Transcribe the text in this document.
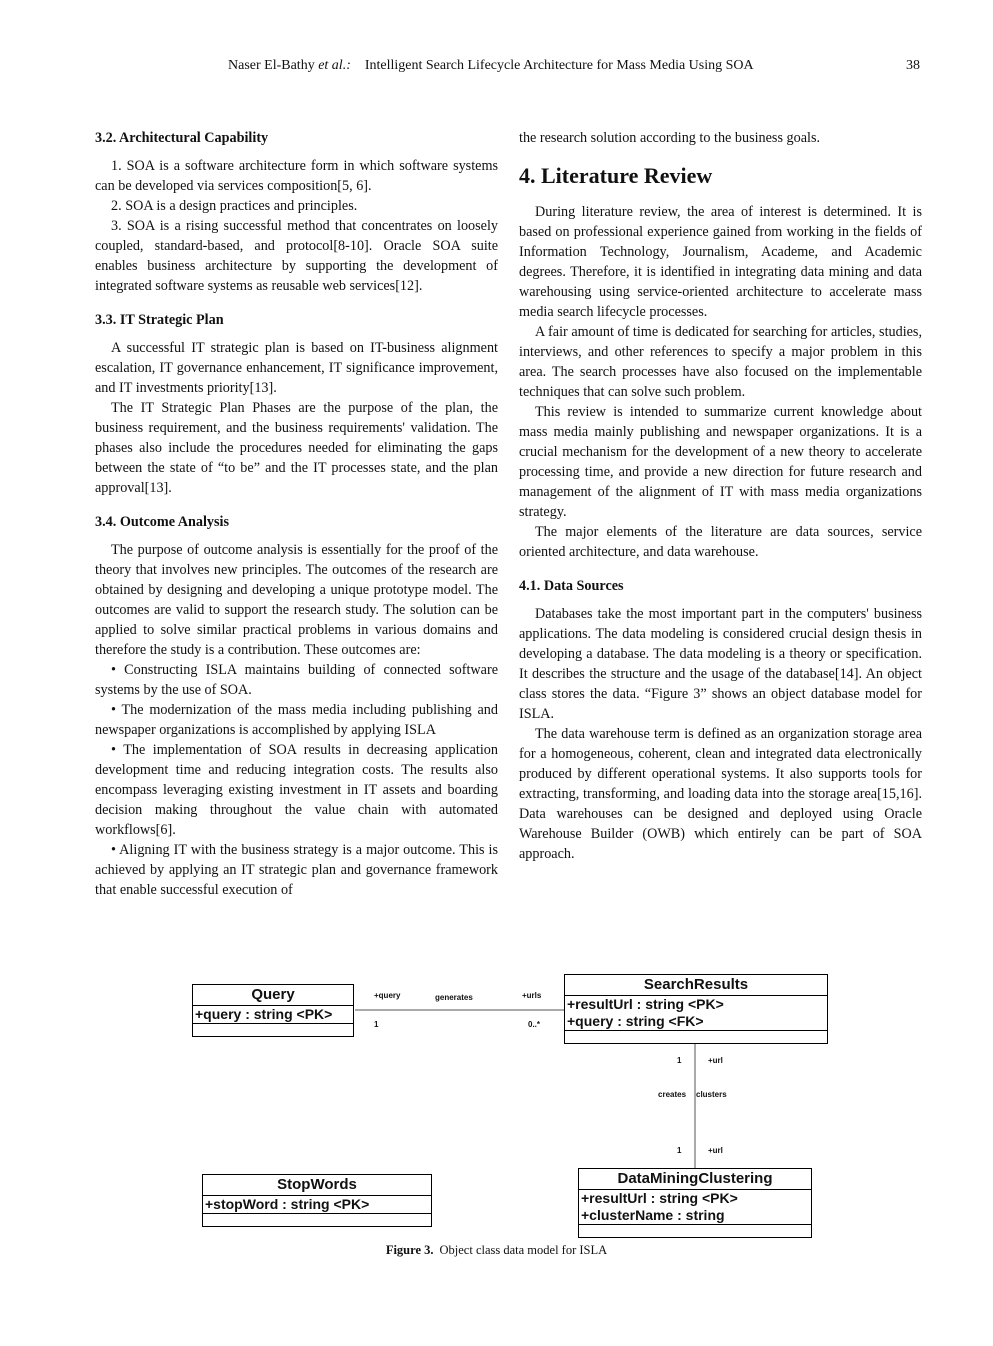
Naser El-Bathy et al.: Intelligent Search Lifecycle Architecture for Mass Media Using SOA	38
3.2. Architectural Capability

1. SOA is a software architecture form in which software systems can be developed via services composition[5, 6].

2. SOA is a design practices and principles.

3. SOA is a rising successful method that concentrates on loosely coupled, standard-based, and protocol[8-10]. Oracle SOA suite enables business architecture by supporting the development of integrated software systems as reusable web services[12].

3.3. IT Strategic Plan

A successful IT strategic plan is based on IT-business alignment escalation, IT governance enhancement, IT significance improvement, and IT investments priority[13].

The IT Strategic Plan Phases are the purpose of the plan, the business requirement, and the business requirements' validation. The phases also include the procedures needed for eliminating the gaps between the state of “to be” and the IT processes state, and the plan approval[13].

3.4. Outcome Analysis

The purpose of outcome analysis is essentially for the proof of the theory that involves new principles. The outcomes of the research are obtained by designing and developing a unique prototype model. The outcomes are valid to support the research study. The solution can be applied to solve similar practical problems in various domains and therefore the study is a contribution. These outcomes are:

• Constructing ISLA maintains building of connected software systems by the use of SOA.

• The modernization of the mass media including publishing and newspaper organizations is accomplished by applying ISLA

• The implementation of SOA results in decreasing application development time and reducing integration costs. The results also encompass leveraging existing investment in IT assets and boarding decision making throughout the value chain with automated workflows[6].

• Aligning IT with the business strategy is a major outcome. This is achieved by applying an IT strategic plan and governance framework that enable successful execution of

the research solution according to the business goals.

4. Literature Review

During literature review, the area of interest is determined. It is based on professional experience gained from working in the fields of Information Technology, Journalism, Academe, and Academic degrees. Therefore, it is identified in integrating data mining and data warehousing using service-oriented architecture to accelerate mass media search lifecycle processes.

A fair amount of time is dedicated for searching for articles, studies, interviews, and other references to specify a major problem in this area. The search processes have also focused on the implementable techniques that can solve such problem.

This review is intended to summarize current knowledge about mass media mainly publishing and newspaper organizations. It is a crucial mechanism for the development of a new theory to accelerate processing time, and provide a new direction for future research and management of the alignment of IT with mass media organizations strategy.

The major elements of the literature are data sources, service oriented architecture, and data warehouse.

4.1. Data Sources

Databases take the most important part in the computers' business applications. The data modeling is considered crucial design thesis in developing a database. The data modeling is a theory or specification. It describes the structure and the usage of the database[14]. An object class stores the data. “Figure 3” shows an object database model for ISLA.

The data warehouse term is defined as an organization storage area for a homogeneous, coherent, clean and integrated data electronically produced by different operational systems. It also supports tools for extracting, transforming, and loading data into the storage area[15,16]. Data warehouses can be designed and deployed using Oracle Warehouse Builder (OWB) which entirely can be part of SOA approach.

Query
+query : string <PK>
SearchResults
+resultUrl : string <PK>
+query : string <FK>
StopWords
+stopWord : string <PK>
DataMiningClustering
+resultUrl : string <PK>
+clusterName : string
+query	generates	+urls
1	0..*
1	+url
creates clusters
1	+url
Figure 3. Object class data model for ISLA
